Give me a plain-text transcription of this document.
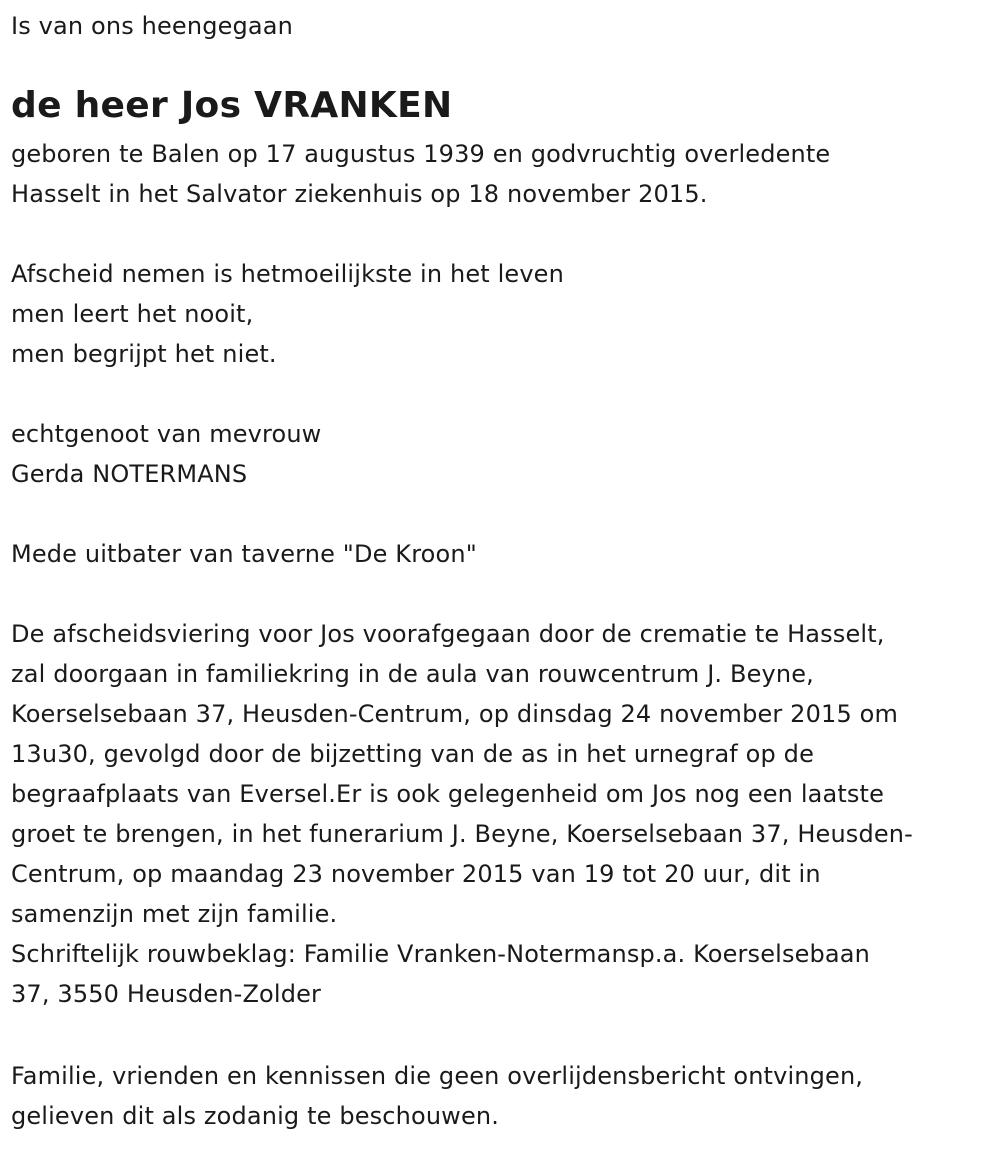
Is van ons heengegaan
de heer Jos VRANKEN
geboren te Balen op 17 augustus 1939 en godvruchtig overledente
Hasselt in het Salvator ziekenhuis op 18 november 2015.
Afscheid nemen is hetmoeilijkste in het leven
men leert het nooit,
men begrijpt het niet.
echtgenoot van mevrouw
Gerda NOTERMANS
Mede uitbater van taverne "De Kroon"
De afscheidsviering voor Jos voorafgegaan door de crematie te Hasselt,
zal doorgaan in familiekring in de aula van rouwcentrum J. Beyne,
Koerselsebaan 37, Heusden-Centrum, op dinsdag 24 november 2015 om
13u30, gevolgd door de bijzetting van de as in het urnegraf op de
begraafplaats van Eversel.Er is ook gelegenheid om Jos nog een laatste
groet te brengen, in het funerarium J. Beyne, Koerselsebaan 37, Heusden-
Centrum, op maandag 23 november 2015 van 19 tot 20 uur, dit in
samenzijn met zijn familie.
Schriftelijk rouwbeklag: Familie Vranken-Notermansp.a. Koerselsebaan
37, 3550 Heusden-Zolder
Familie, vrienden en kennissen die geen overlijdensbericht ontvingen,
gelieven dit als zodanig te beschouwen.
